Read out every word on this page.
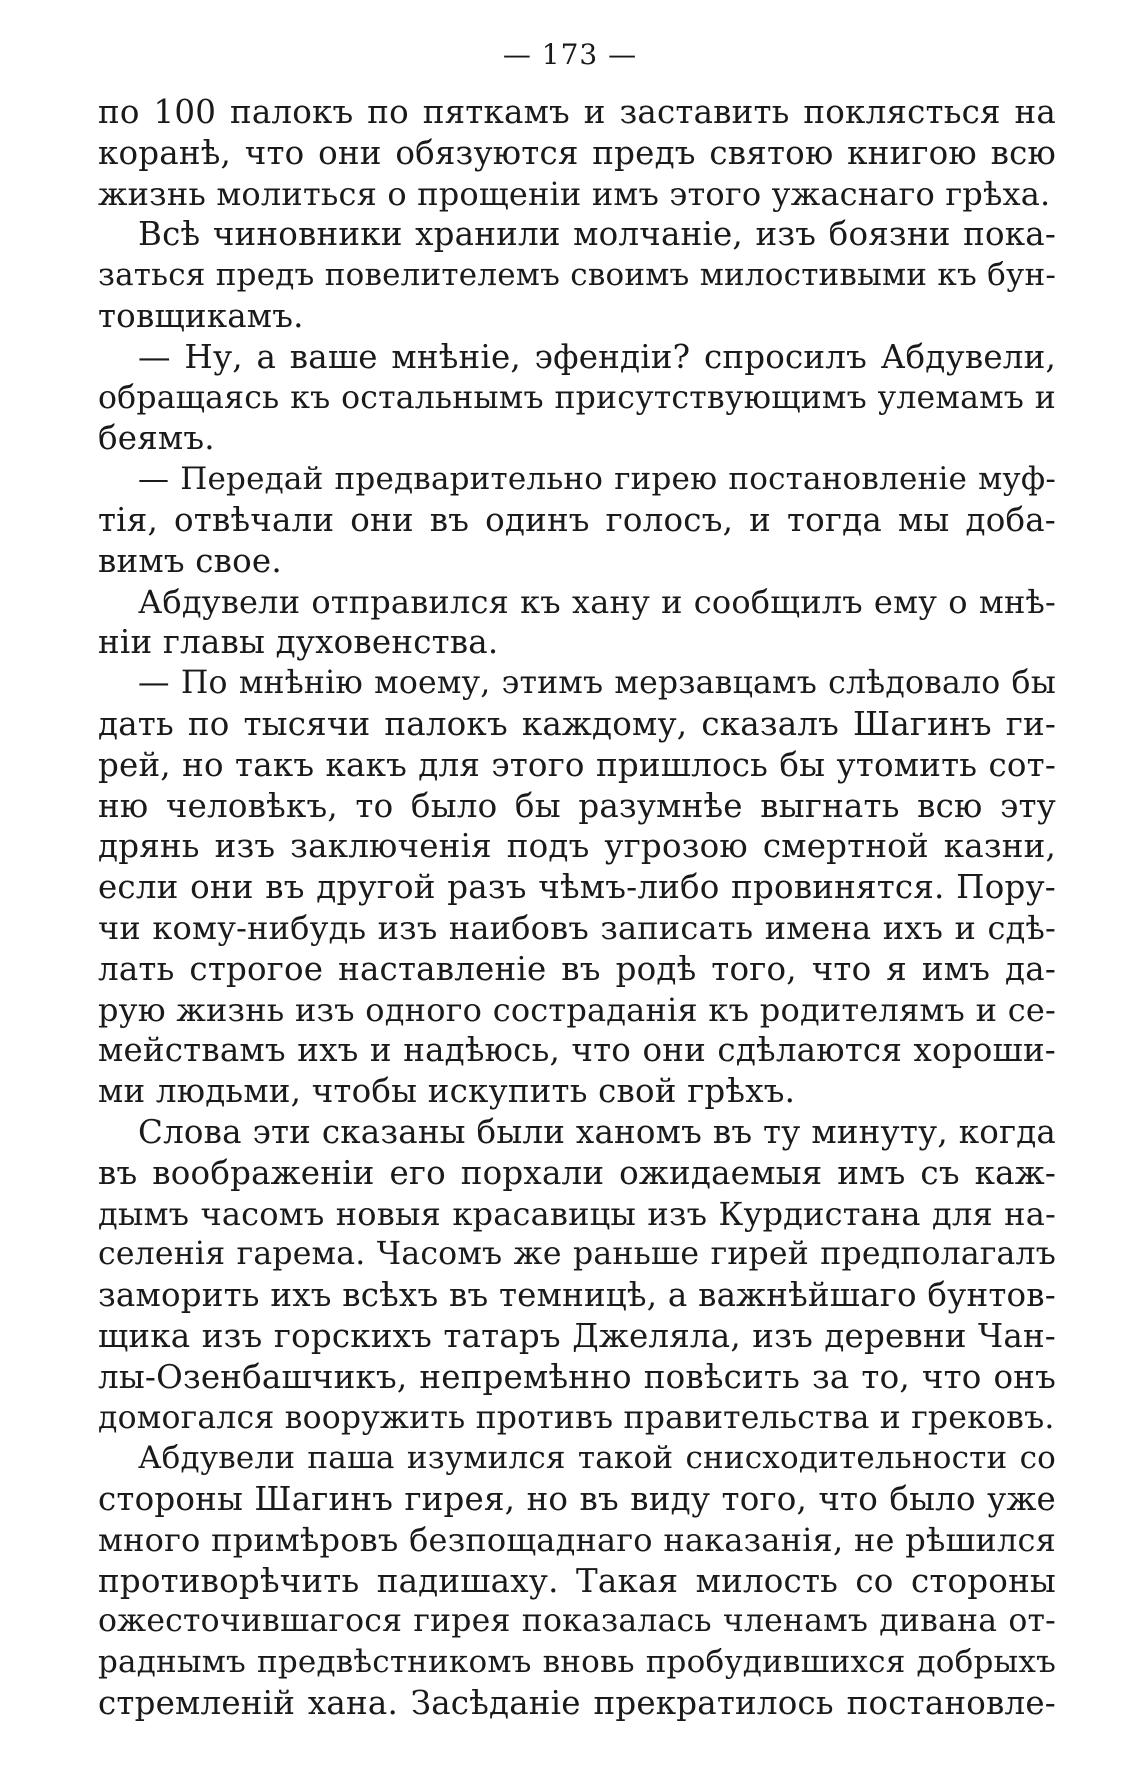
— 173 —

по 100 палокъ по пяткамъ и заставить поклясться на
коранѣ, что они обязуются предъ святою книгою всю
жизнь молиться о прощенiи имъ этого ужаснаго грѣха.
Всѣ чиновники хранили молчанiе, изъ боязни пока-
заться предъ повелителемъ своимъ милостивыми къ бун-
товщикамъ.
— Ну, а ваше мнѣнiе, эфендiи? спросилъ Абдувели,
обращаясь къ остальнымъ присутствующимъ улемамъ и
беямъ.
— Передай предварительно гирею постановленiе муф-
тiя, отвѣчали они въ одинъ голосъ, и тогда мы доба-
вимъ свое.
Абдувели отправился къ хану и сообщилъ ему о мнѣ-
нiи главы духовенства.
— По мнѣнiю моему, этимъ мерзавцамъ слѣдовало бы
дать по тысячи палокъ каждому, сказалъ Шагинъ ги-
рей, но такъ какъ для этого пришлось бы утомить сот-
ню человѣкъ, то было бы разумнѣе выгнать всю эту
дрянь изъ заключенiя подъ угрозою смертной казни,
если они въ другой разъ чѣмъ-либо провинятся. Пору-
чи кому-нибудь изъ наибовъ записать имена ихъ и сдѣ-
лать строгое наставленiе въ родѣ того, что я имъ да-
рую жизнь изъ одного состраданiя къ родителямъ и се-
мействамъ ихъ и надѣюсь, что они сдѣлаются хороши-
ми людьми, чтобы искупить свой грѣхъ.
Слова эти сказаны были ханомъ въ ту минуту, когда
въ воображенiи его порхали ожидаемыя имъ съ каж-
дымъ часомъ новыя красавицы изъ Курдистана для на-
селенiя гарема. Часомъ же раньше гирей предполагалъ
заморить ихъ всѣхъ въ темницѣ, а важнѣйшаго бунтов-
щика изъ горскихъ татаръ Джеляла, изъ деревни Чан-
лы-Озенбашчикъ, непремѣнно повѣсить за то, что онъ
домогался вооружить противъ правительства и грековъ.
Абдувели паша изумился такой снисходительности со
стороны Шагинъ гирея, но въ виду того, что было уже
много примѣровъ безпощаднаго наказанiя, не рѣшился
противорѣчить падишаху. Такая милость со стороны
ожесточившагося гирея показалась членамъ дивана от-
раднымъ предвѣстникомъ вновь пробудившихся добрыхъ
стремленiй хана. Засѣданiе прекратилось постановле-
